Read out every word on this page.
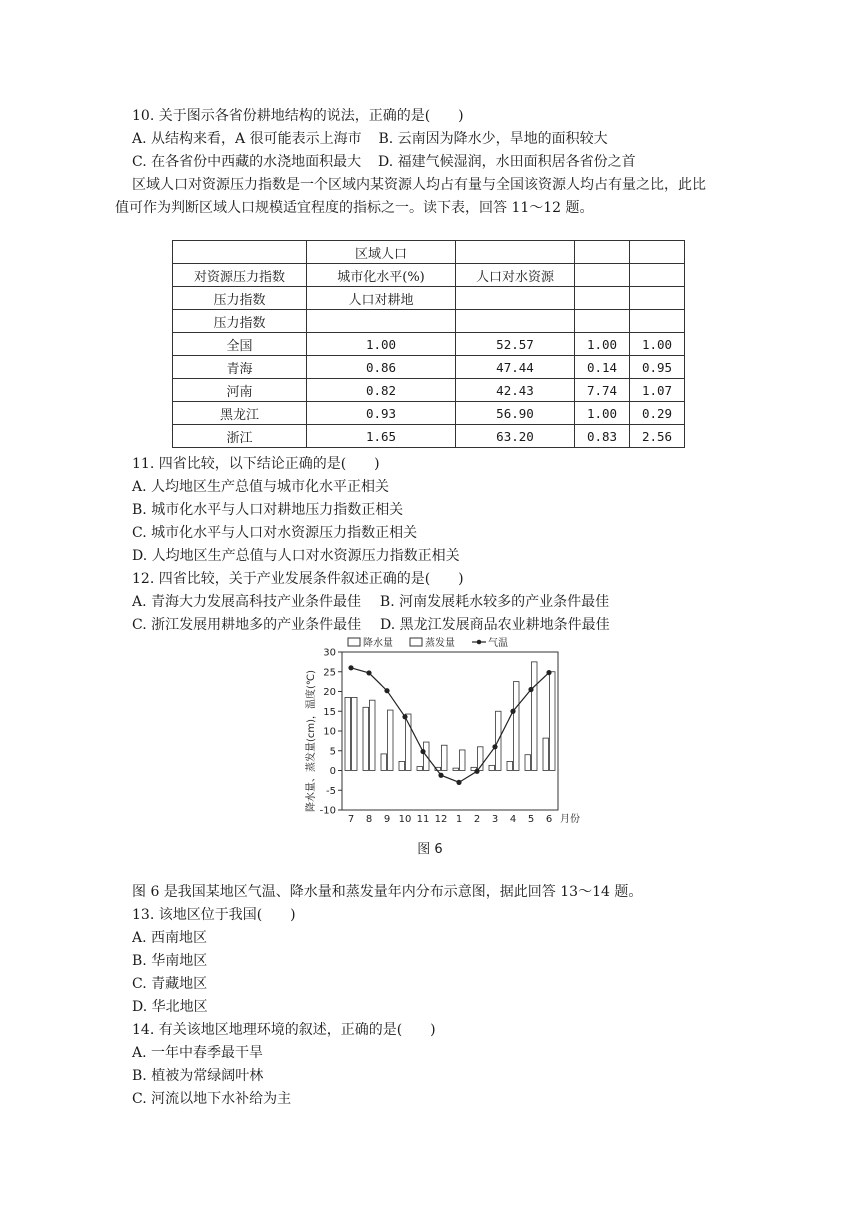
10. 关于图示各省份耕地结构的说法，正确的是(　　)
A. 从结构来看，A 很可能表示上海市 B. 云南因为降水少，旱地的面积较大
C. 在各省份中西藏的水浇地面积最大 D. 福建气候湿润，水田面积居各省份之首
区域人口对资源压力指数是一个区域内某资源人均占有量与全国该资源人均占有量之比，此比
值可作为判断区域人口规模适宜程度的指标之一。读下表，回答 11～12 题。
	区域人口			
对资源压力指数	城市化水平(%)	人口对水资源		
压力指数	人口对耕地			
压力指数				
全国	1.00	52.57	1.00	1.00
青海	0.86	47.44	0.14	0.95
河南	0.82	42.43	7.74	1.07
黑龙江	0.93	56.90	1.00	0.29
浙江	1.65	63.20	0.83	2.56
11. 四省比较，以下结论正确的是(　　)
A. 人均地区生产总值与城市化水平正相关
B. 城市化水平与人口对耕地压力指数正相关
C. 城市化水平与人口对水资源压力指数正相关
D. 人均地区生产总值与人口对水资源压力指数正相关
12. 四省比较，关于产业发展条件叙述正确的是(　　)
A. 青海大力发展高科技产业条件最佳 B. 河南发展耗水较多的产业条件最佳
C. 浙江发展用耕地多的产业条件最佳 D. 黑龙江发展商品农业耕地条件最佳
-10
-5
0
5
10
15
20
25
30
降水量、蒸发量(cm)，温度(℃)
降水量	蒸发量	气温
7 8 9 10 11 12 1 2 3 4 5 6 月份
图 6
图 6 是我国某地区气温、降水量和蒸发量年内分布示意图，据此回答 13～14 题。
13. 该地区位于我国(　　)
A. 西南地区
B. 华南地区
C. 青藏地区
D. 华北地区
14. 有关该地区地理环境的叙述，正确的是(　　)
A. 一年中春季最干旱
B. 植被为常绿阔叶林
C. 河流以地下水补给为主
